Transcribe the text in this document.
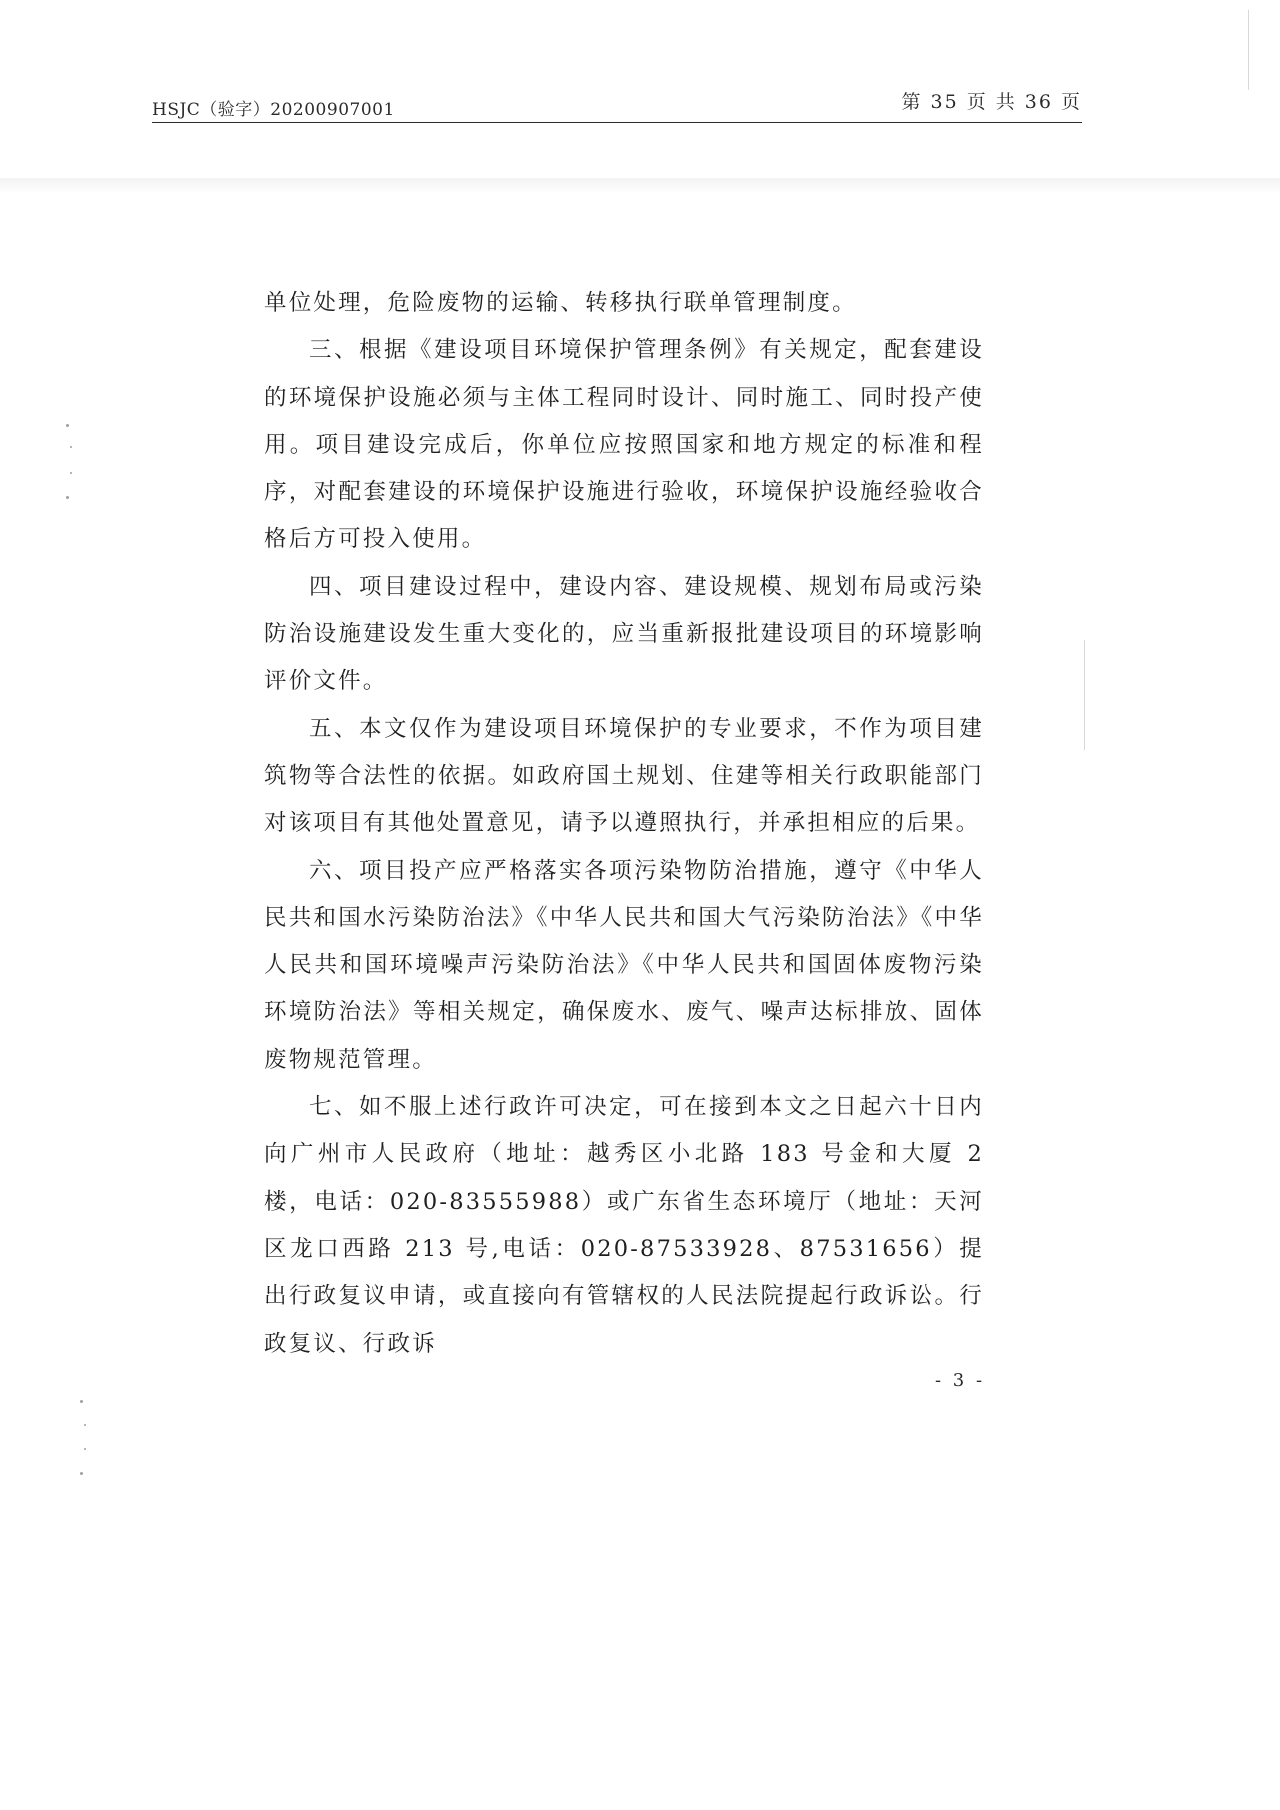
HSJC（验字）20200907001	第 35 页 共 36 页

单位处理，危险废物的运输、转移执行联单管理制度。

三、根据《建设项目环境保护管理条例》有关规定，配套建设的环境保护设施必须与主体工程同时设计、同时施工、同时投产使用。项目建设完成后，你单位应按照国家和地方规定的标准和程序，对配套建设的环境保护设施进行验收，环境保护设施经验收合格后方可投入使用。

四、项目建设过程中，建设内容、建设规模、规划布局或污染防治设施建设发生重大变化的，应当重新报批建设项目的环境影响评价文件。

五、本文仅作为建设项目环境保护的专业要求，不作为项目建筑物等合法性的依据。如政府国土规划、住建等相关行政职能部门对该项目有其他处置意见，请予以遵照执行，并承担相应的后果。

六、项目投产应严格落实各项污染物防治措施，遵守《中华人民共和国水污染防治法》《中华人民共和国大气污染防治法》《中华人民共和国环境噪声污染防治法》《中华人民共和国固体废物污染环境防治法》等相关规定，确保废水、废气、噪声达标排放、固体废物规范管理。

七、如不服上述行政许可决定，可在接到本文之日起六十日内向广州市人民政府（地址：越秀区小北路 183 号金和大厦 2 楼，电话：020-83555988）或广东省生态环境厅（地址：天河区龙口西路 213 号,电话：020-87533928、87531656）提出行政复议申请，或直接向有管辖权的人民法院提起行政诉讼。行政复议、行政诉

- 3 -
